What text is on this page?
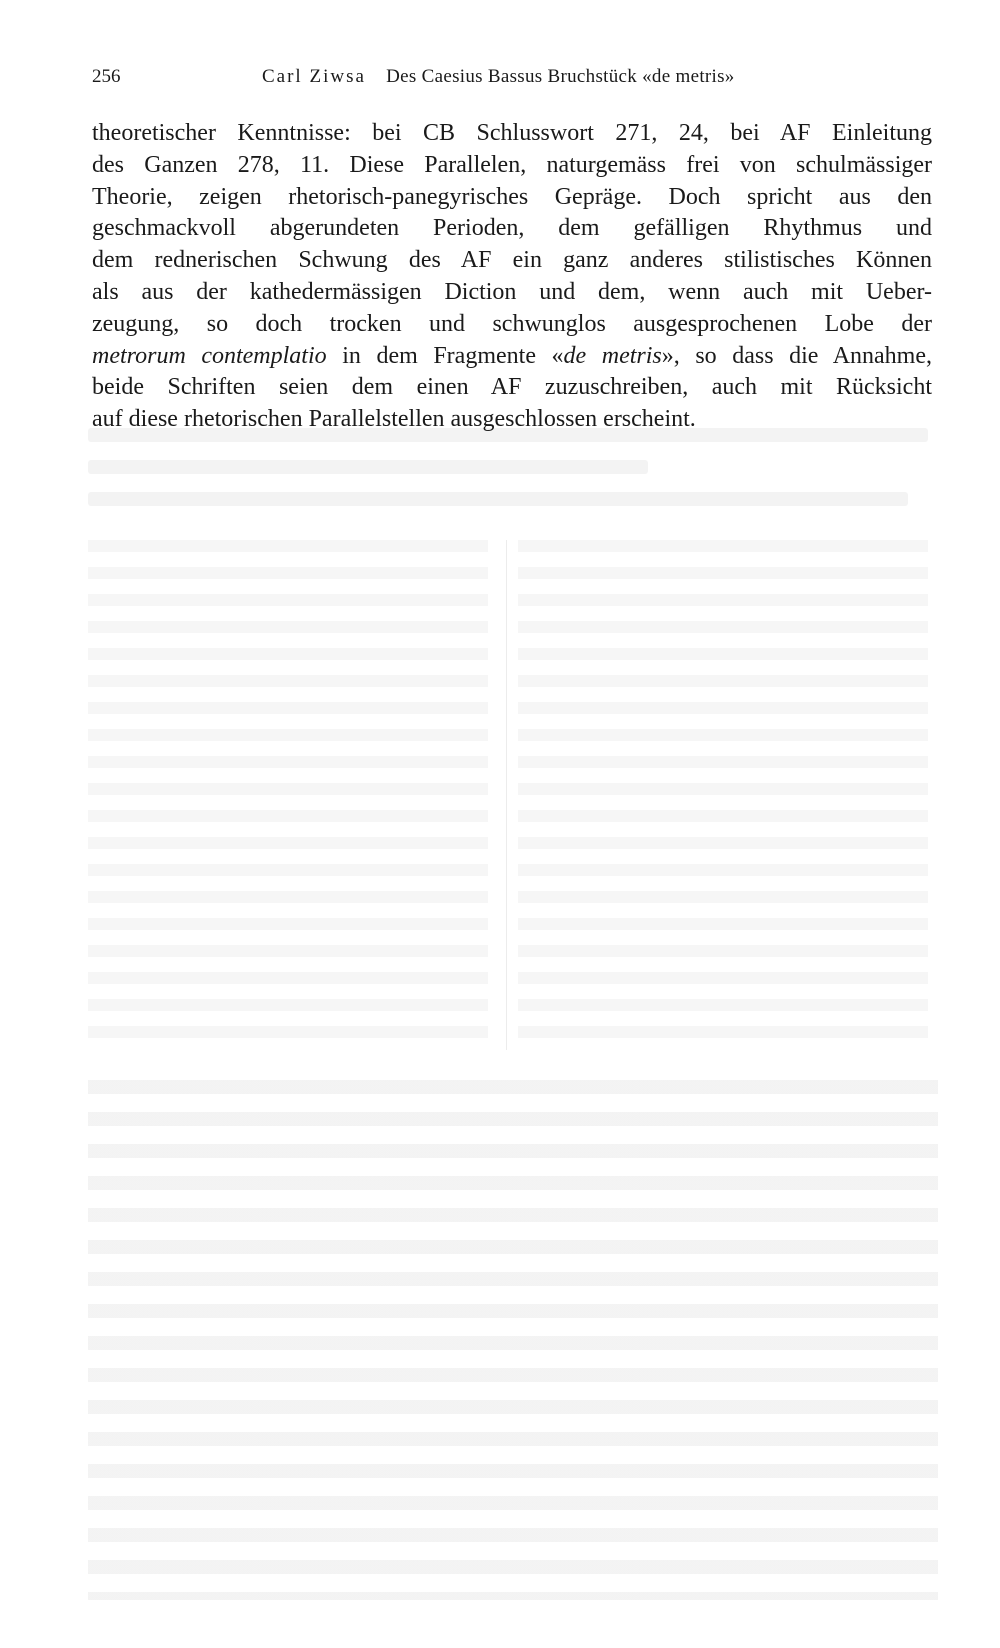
256	Carl Ziwsa Des Caesius Bassus Bruchstück «de metris»
theoretischer Kenntnisse: bei CB Schlusswort 271, 24, bei AF Einleitung
des Ganzen 278, 11. Diese Parallelen, naturgemäss frei von schulmässiger
Theorie, zeigen rhetorisch-panegyrisches Gepräge. Doch spricht aus den
geschmackvoll abgerundeten Perioden, dem gefälligen Rhythmus und
dem rednerischen Schwung des AF ein ganz anderes stilistisches Können
als aus der kathedermässigen Diction und dem, wenn auch mit Ueber-
zeugung, so doch trocken und schwunglos ausgesprochenen Lobe der
metrorum contemplatio in dem Fragmente «de metris», so dass die Annahme,
beide Schriften seien dem einen AF zuzuschreiben, auch mit Rücksicht
auf diese rhetorischen Parallelstellen ausgeschlossen erscheint.
